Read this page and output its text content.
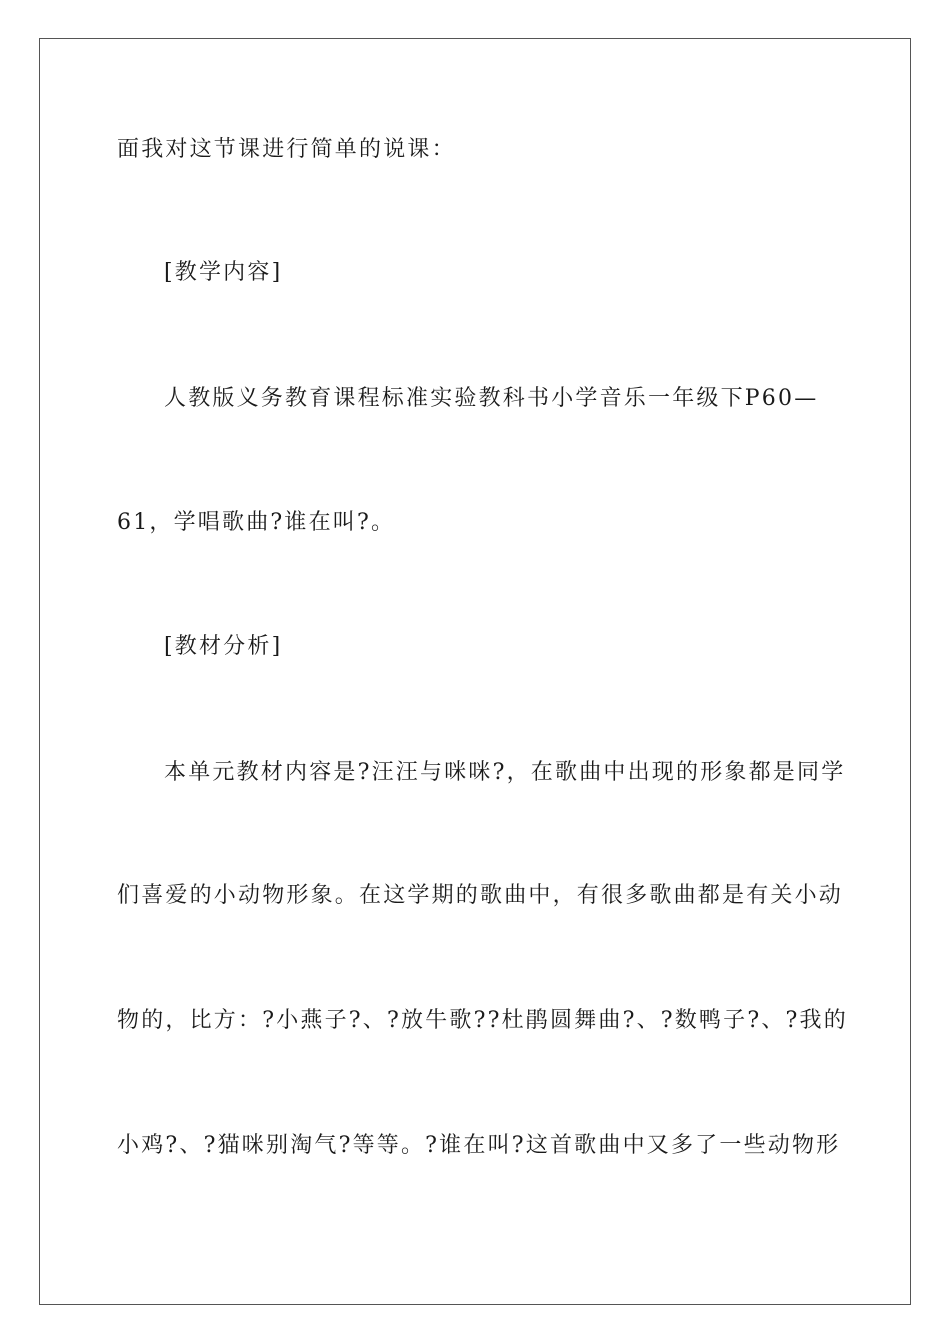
面我对这节课进行简单的说课：
[教学内容]
人教版义务教育课程标准实验教科书小学音乐一年级下P60—
61，学唱歌曲?谁在叫?。
[教材分析]
本单元教材内容是?汪汪与咪咪?，在歌曲中出现的形象都是同学
们喜爱的小动物形象。在这学期的歌曲中，有很多歌曲都是有关小动
物的，比方：?小燕子?、?放牛歌??杜鹃圆舞曲?、?数鸭子?、?我的
小鸡?、?猫咪别淘气?等等。?谁在叫?这首歌曲中又多了一些动物形
